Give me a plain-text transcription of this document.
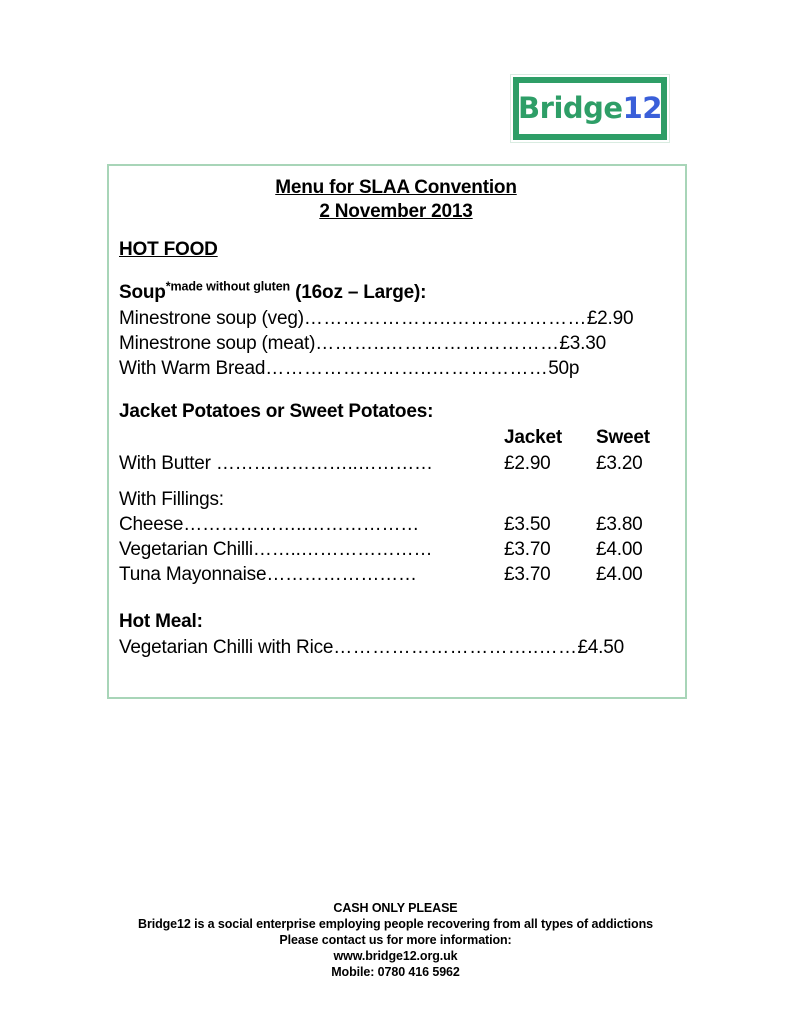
Bridge12
Menu for SLAA Convention
2 November 2013
HOT FOOD
Soup$^{*made without gluten}$ (16oz – Large):
Minestrone soup (veg)…………………..…………………£2.90
Minestrone soup (meat)………..………………………£3.30
With Warm Bread……………………..………………50p
Jacket Potatoes or Sweet Potatoes:
	Jacket	Sweet
With Butter …………………..…………	£2.90	£3.20
With Fillings:
Cheese………………..………………	£3.50	£3.80
Vegetarian Chilli……..…………………	£3.70	£4.00
Tuna Mayonnaise……………………	£3.70	£4.00
Hot Meal:
Vegetarian Chilli with Rice…………………………..……£4.50
CASH ONLY PLEASE
Bridge12 is a social enterprise employing people recovering from all types of addictions
Please contact us for more information:
www.bridge12.org.uk
Mobile: 0780 416 5962
